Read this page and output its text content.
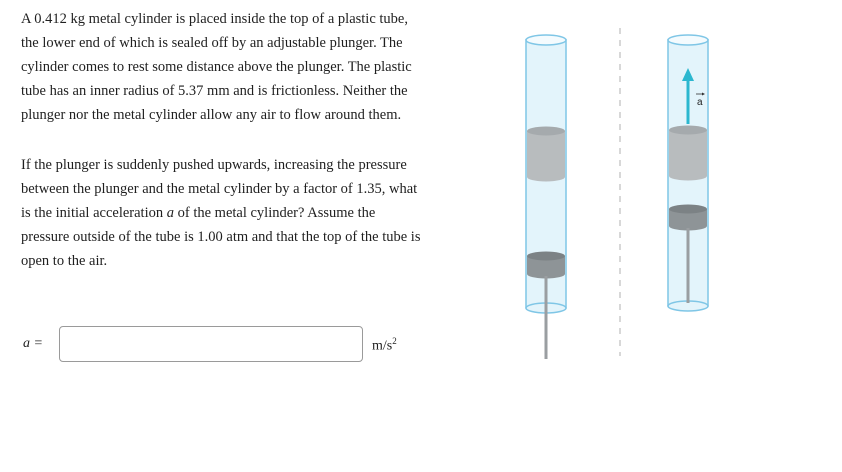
A 0.412 kg metal cylinder is placed inside the top of a plastic tube, the lower end of which is sealed off by an adjustable plunger. The cylinder comes to rest some distance above the plunger. The plastic tube has an inner radius of 5.37 mm and is frictionless. Neither the plunger nor the metal cylinder allow any air to flow around them.

If the plunger is suddenly pushed upwards, increasing the pressure between the plunger and the metal cylinder by a factor of 1.35, what is the initial acceleration a of the metal cylinder? Assume the pressure outside of the tube is 1.00 atm and that the top of the tube is open to the air.

a =	$m/s^2$
a
